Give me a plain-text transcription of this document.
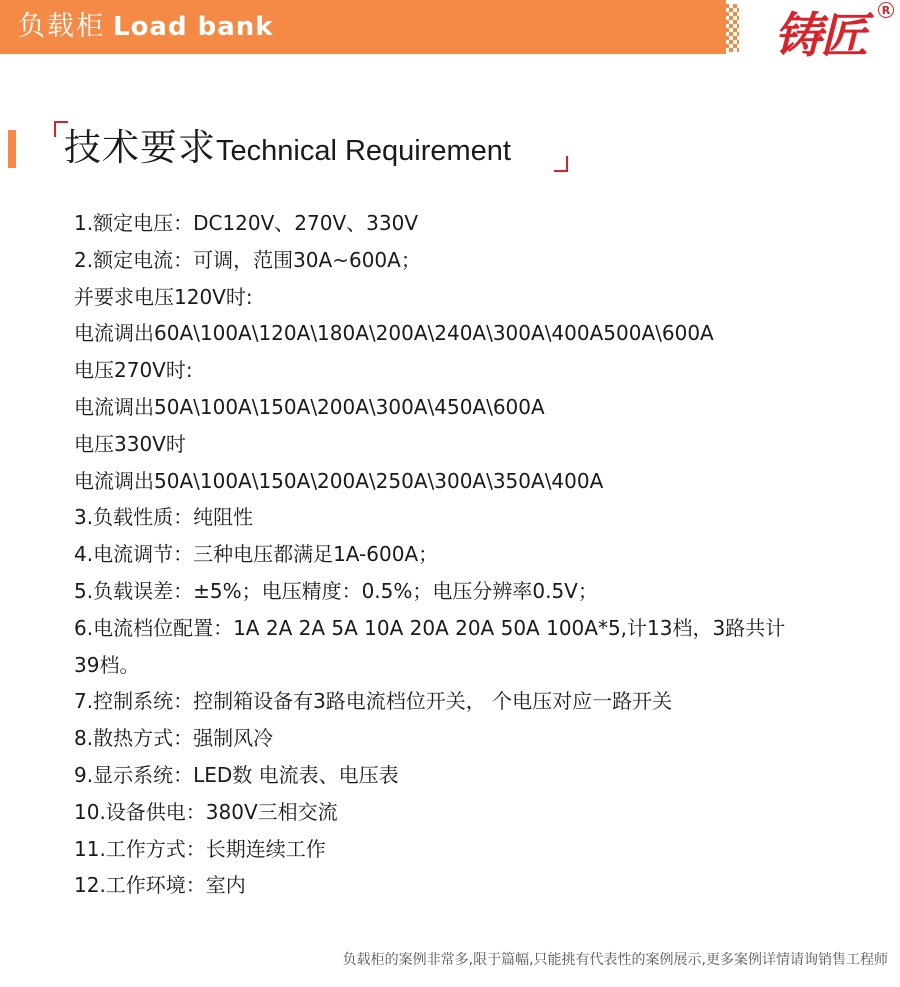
负载柜 Load bank	铸匠	R
技术要求Technical Requirement
1.额定电压：DC120V、270V、330V
2.额定电流：可调，范围30A~600A；
并要求电压120V时:
电流调出60A\100A\120A\180A\200A\240A\300A\400A500A\600A
电压270V时:
电流调出50A\100A\150A\200A\300A\450A\600A
电压330V时
电流调出50A\100A\150A\200A\250A\300A\350A\400A
3.负载性质：纯阻性
4.电流调节：三种电压都满足1A-600A；
5.负载误差：±5%；电压精度：0.5%；电压分辨率0.5V；
6.电流档位配置：1A 2A 2A 5A 10A 20A 20A 50A 100A*5,计13档，3路共计
39档。
7.控制系统：控制箱设备有3路电流档位开关， 个电压对应一路开关
8.散热方式：强制风冷
9.显示系统：LED数 电流表、电压表
10.设备供电：380V三相交流
11.工作方式：长期连续工作
12.工作环境：室内
负载柜的案例非常多,限于篇幅,只能挑有代表性的案例展示,更多案例详情请询销售工程师
